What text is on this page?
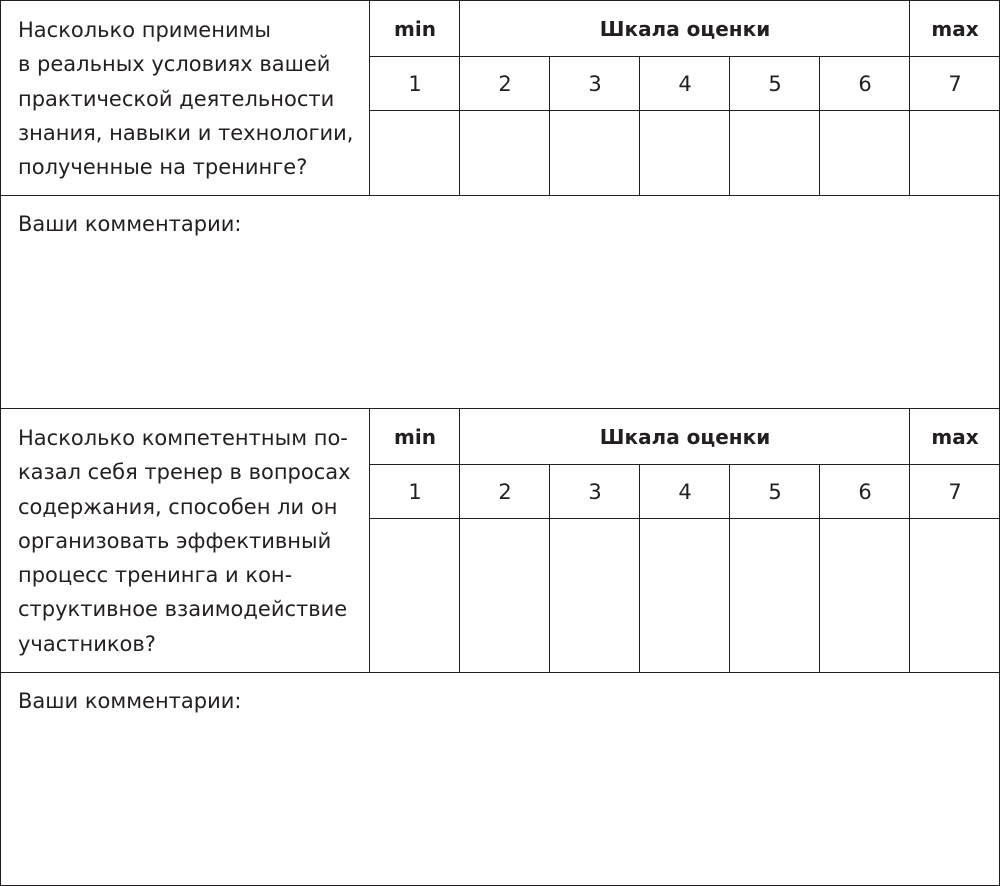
Насколько применимы
в реальных условиях вашей
практической деятельности
знания, навыки и технологии,
полученные на тренинге?
min	Шкала оценки	max
1	2	3	4	5	6	7
Ваши комментарии:
Насколько компетентным по-
казал себя тренер в вопросах
содержания, способен ли он
организовать эффективный
процесс тренинга и кон-
структивное взаимодействие
участников?
min	Шкала оценки	max
1	2	3	4	5	6	7
Ваши комментарии:
